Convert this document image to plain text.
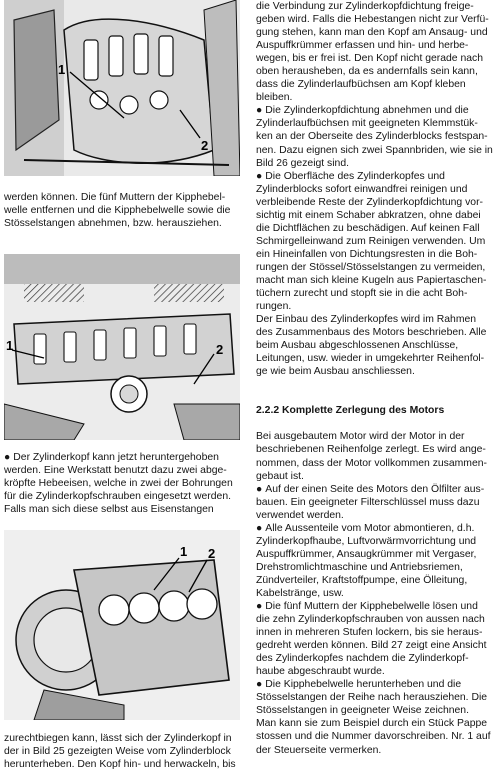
1
2

werden können. Die fünf Muttern der Kipphebel-

welle entfernen und die Kipphebelwelle sowie die

Stösselstangen abnehmen, bzw. herausziehen.

1	2

● Der Zylinderkopf kann jetzt heruntergehoben

werden. Eine Werkstatt benutzt dazu zwei abge-

kröpfte Hebeeisen, welche in zwei der Bohrungen

für die Zylinderkopfschrauben eingesetzt werden.

Falls man sich diese selbst aus Eisenstangen

1 2

zurechtbiegen kann, lässt sich der Zylinderkopf in

der in Bild 25 gezeigten Weise vom Zylinderblock

herunterheben. Den Kopf hin- und herwackeln, bis

die Verbindung zur Zylinderkopfdichtung freige-

geben wird. Falls die Hebestangen nicht zur Verfü-

gung stehen, kann man den Kopf am Ansaug- und

Auspuffkrümmer erfassen und hin- und herbe-

wegen, bis er frei ist. Den Kopf nicht gerade nach

oben herausheben, da es andernfalls sein kann,

dass die Zylinderlaufbüchsen am Kopf kleben

bleiben.

● Die Zylinderkopfdichtung abnehmen und die

Zylinderlaufbüchsen mit geeigneten Klemmstük-

ken an der Oberseite des Zylinderblocks festspan-

nen. Dazu eignen sich zwei Spannbriden, wie sie in

Bild 26 gezeigt sind.

● Die Oberfläche des Zylinderkopfes und

Zylinderblocks sofort einwandfrei reinigen und

verbleibende Reste der Zylinderkopfdichtung vor-

sichtig mit einem Schaber abkratzen, ohne dabei

die Dichtflächen zu beschädigen. Auf keinen Fall

Schmirgelleinwand zum Reinigen verwenden. Um

ein Hineinfallen von Dichtungsresten in die Boh-

rungen der Stössel/Stösselstangen zu vermeiden,

macht man sich kleine Kugeln aus Papiertaschen-

tüchern zurecht und stopft sie in die acht Boh-

rungen.

Der Einbau des Zylinderkopfes wird im Rahmen

des Zusammenbaus des Motors beschrieben. Alle

beim Ausbau abgeschlossenen Anschlüsse,

Leitungen, usw. wieder in umgekehrter Reihenfol-

ge wie beim Ausbau anschliessen.

2.2.2 Komplette Zerlegung des Motors

Bei ausgebautem Motor wird der Motor in der

beschriebenen Reihenfolge zerlegt. Es wird ange-

nommen, dass der Motor vollkommen zusammen-

gebaut ist.

● Auf der einen Seite des Motors den Ölfilter aus-

bauen. Ein geeigneter Filterschlüssel muss dazu

verwendet werden.

● Alle Aussenteile vom Motor abmontieren, d.h.

Zylinderkopfhaube, Luftvorwärmvorrichtung und

Auspuffkrümmer, Ansaugkrümmer mit Vergaser,

Drehstromlichtmaschine und Antriebsriemen,

Zündverteiler, Kraftstoffpumpe, eine Ölleitung,

Kabelstränge, usw.

● Die fünf Muttern der Kipphebelwelle lösen und

die zehn Zylinderkopfschrauben von aussen nach

innen in mehreren Stufen lockern, bis sie heraus-

gedreht werden können. Bild 27 zeigt eine Ansicht

des Zylinderkopfes nachdem die Zylinderkopf-

haube abgeschraubt wurde.

● Die Kipphebelwelle herunterheben und die

Stösselstangen der Reihe nach herausziehen. Die

Stösselstangen in geeigneter Weise zeichnen.

Man kann sie zum Beispiel durch ein Stück Pappe

stossen und die Nummer davorschreiben. Nr. 1 auf

der Steuerseite vermerken.
